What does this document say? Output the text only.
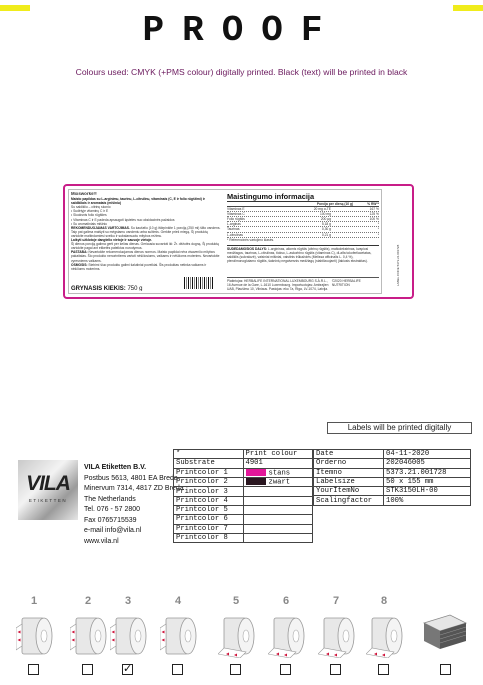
PROOF
Colours used: CMYK (+PMS colour) digitally printed. Black (text) will be printed in black
Mixsworks®
Maisto papildas su L-arginimu, taurinu, L-citrulinu, vitaminais (C, E ir folio rūgštimi) ir saldikliais ir aromatais (mišiniu)
Su saldikliu – citrinų skonio
• Sudėtyje vitaminų C ir E
• Sluoksnis folio rūgšties
• Vitaminas C ir E padeda apsaugoti ląsteles nuo oksidacinės pažaidos
• Su aromatiniais mišiniu
REKOMENDUOJAMAS VARTOJIMAS. Su kaušeliu (10 g) ištirpinkite 1 porciją (250 ml) šilto vandens. Taip pat galima maišyti su mėgstamu vandeniu arba sultimis. Gerkite prieš miegą. Šį produktą vartokite maitindamiesi sveiku ir subalansuotu mitybos režimu.
Laikyti užklotoje dangtelio vietoje ir sausoje vietoje.
Šį dienos porciją galima gerti per kelias dienas. Geriausia suvartoti iki: Žr. dėžutės dugną. Šį produktą vartokite pagal ant etiketės pateiktus nurodymus.
PASTABA: Nevartokite rekomenduojamos dienos normos. Maisto papildai nėra visaverčio mitybos pakaitalas. Šio produkto nenorintiems vartoti nėščiosioms, vaikams ir nėščioms moterims. Nevartokite vyresniems vaikams.
OSMOSIS: Stebimi šiuo produktu galimi šalutiniai poveikiai. Šis produktas netinka vaikams ir nėščioms moterims.
GRYNASIS KIEKIS: 750 g
Maistingumo informacija
Porcija per dieną (10 g)	% RW**
Vitaminas E	20 mg α-TE	167 %
Vitaminas C	100 mg	125 %
Folio rūgštis	200 μg	100 %
L-arginas	5,18 g	*
Taurinas	0,30 g	*
L-citrulinas	0,21 g	*
* Referencinės vartojimo klasės.
SUDEDAMOSIOS DALYS: L-argininas, aliomis rūgštis (citrinų rūgštis), maltodekstrinas, kvapiosi medžiagos, taurinas, L-citrulinas, tiokso, L-askorbino rūgštis (vitaminas C), dl-alfa tokoferilacetatas, saldiklis (sukralozė), vaisiniai mišiniai, vaistinis trūkažolės (Melissa officinalis L. 0,4 %), pteroilmonoglutamo rūgštis, šakninių negaivesnis medžiagų (stabilizuojanti) (lakiusis ekstraktas).
Platintojas: HERBALIFE INTERNATIONAL LUXEMBOURG S.À.R.L., 16 Avenue de la Gare, L-1610 Luxembourg. Importuotojas: Ambrajien UAB, Plaušimo 10, Vilniaus. Pastojas: eko 7a, Riga, LV-1074, Latvija.
©2020 HERBALIFE NUTRITION	LABEL CODE 5373.21.001728
Labels will be printed digitally
VILA
ETIKETTEN
VILA Etiketten B.V.
Postbus 5613, 4801 EA Breda
Minervum 7314, 4817 ZD Breda
The Netherlands
Tel. 076 - 57 2800
Fax 0765715539
e-mail info@vila.nl
www.vila.nl
*	Print colour
Substrate	4901
Printcolor 1	stans
Printcolor 2	zwart
Printcolor 3	
Printcolor 4	
Printcolor 5	
Printcolor 6	
Printcolor 7	
Printcolor 8	
Date	04-11-2020
Orderno	202046005
Itemno	5373.21.001728
Labelsize	50 x 155 mm
YourItemNo	STK3150LH-00
Scalingfactor	100%
1	2	3
✓
4	5	6	7	8
